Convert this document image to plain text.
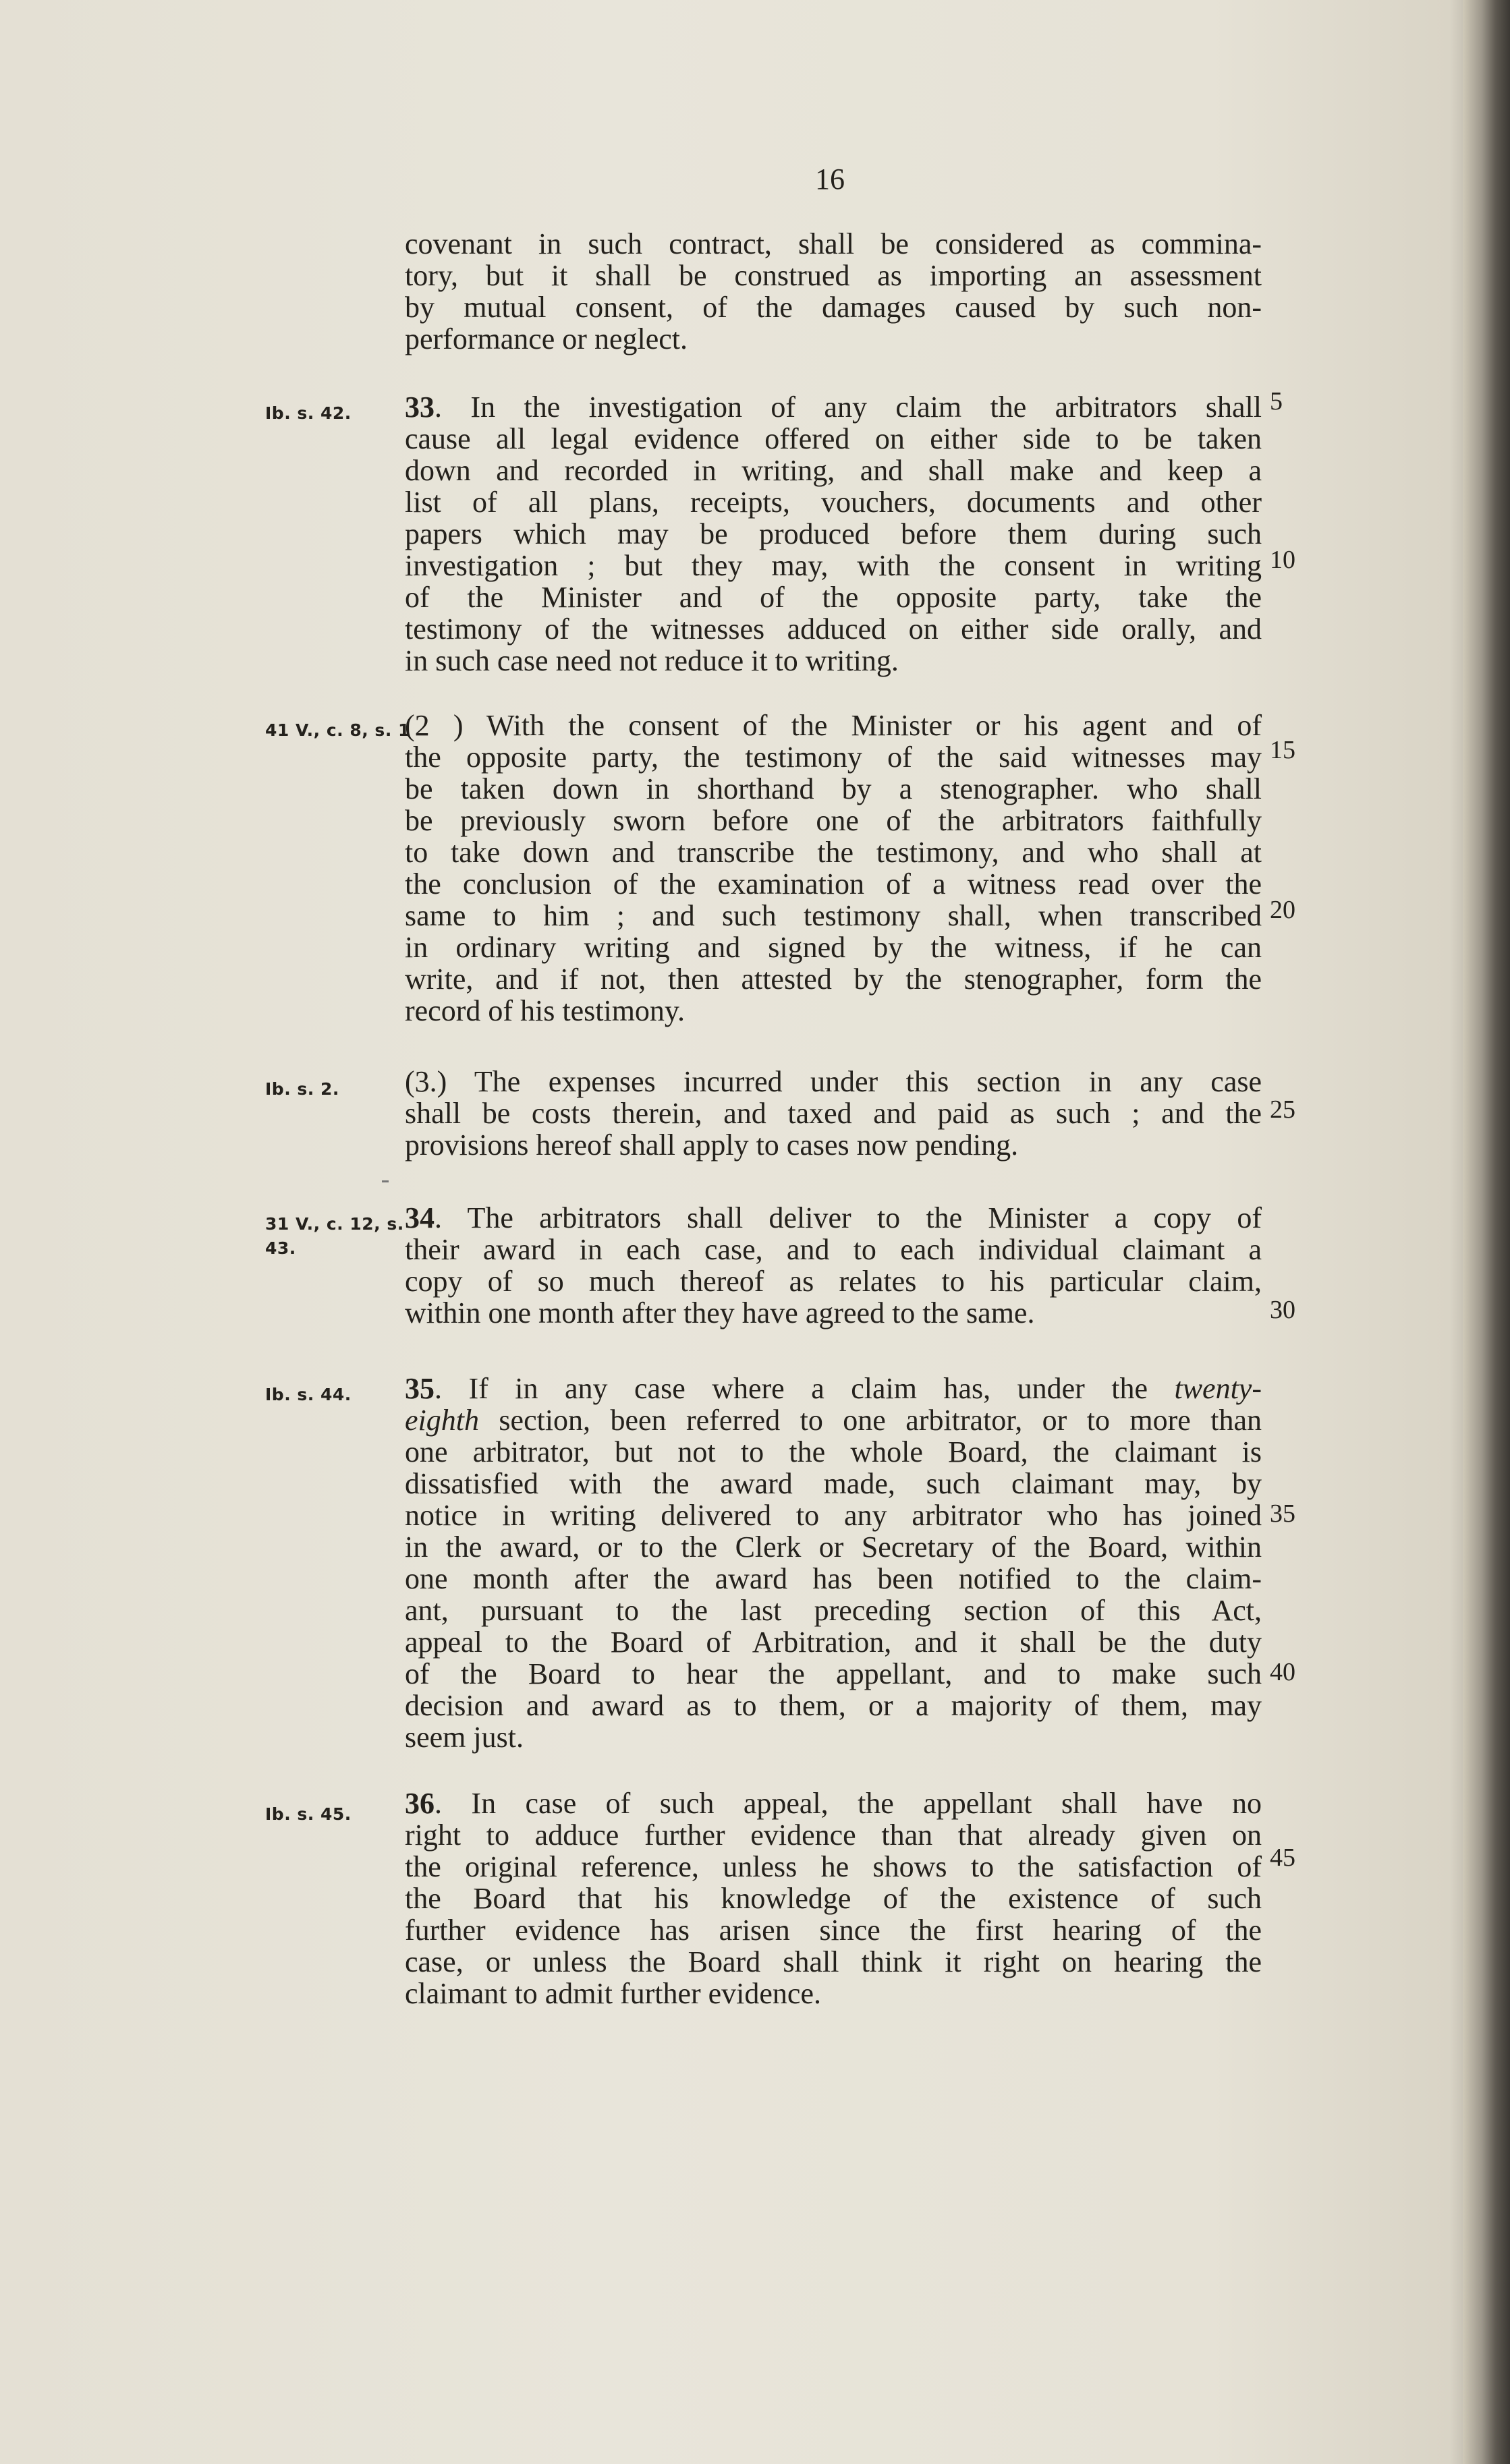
16
covenant in such contract, shall be considered as commina-
tory, but it shall be construed as importing an assessment
by mutual consent, of the damages caused by such non-
performance or neglect.
Ib. s. 42.	33. In the investigation of any claim the arbitrators shall
cause all legal evidence offered on either side to be taken
down and recorded in writing, and shall make and keep a
list of all plans, receipts, vouchers, documents and other
papers which may be produced before them during such
investigation ; but they may, with the consent in writing
of the Minister and of the opposite party, take the
testimony of the witnesses adduced on either side orally, and
in such case need not reduce it to writing.
41 V., c. 8, s. 1
(2 ) With the consent of the Minister or his agent and of
the opposite party, the testimony of the said witnesses may
be taken down in shorthand by a stenographer. who shall
be previously sworn before one of the arbitrators faithfully
to take down and transcribe the testimony, and who shall at
the conclusion of the examination of a witness read over the
same to him ; and such testimony shall, when transcribed
in ordinary writing and signed by the witness, if he can
write, and if not, then attested by the stenographer, form the
record of his testimony.
Ib. s. 2.	(3.) The expenses incurred under this section in any case
shall be costs therein, and taxed and paid as such ; and the
provisions hereof shall apply to cases now pending.
31 V., c. 12, s.
43.
34. The arbitrators shall deliver to the Minister a copy of
their award in each case, and to each individual claimant a
copy of so much thereof as relates to his particular claim,
within one month after they have agreed to the same.
Ib. s. 44.	35. If in any case where a claim has, under the twenty-
eighth section, been referred to one arbitrator, or to more than
one arbitrator, but not to the whole Board, the claimant is
dissatisfied with the award made, such claimant may, by
notice in writing delivered to any arbitrator who has joined
in the award, or to the Clerk or Secretary of the Board, within
one month after the award has been notified to the claim-
ant, pursuant to the last preceding section of this Act,
appeal to the Board of Arbitration, and it shall be the duty
of the Board to hear the appellant, and to make such
decision and award as to them, or a majority of them, may
seem just.
Ib. s. 45.	36. In case of such appeal, the appellant shall have no
right to adduce further evidence than that already given on
the original reference, unless he shows to the satisfaction of
the Board that his knowledge of the existence of such
further evidence has arisen since the first hearing of the
case, or unless the Board shall think it right on hearing the
claimant to admit further evidence.
5
10
15
20
25
30
35
40
45
